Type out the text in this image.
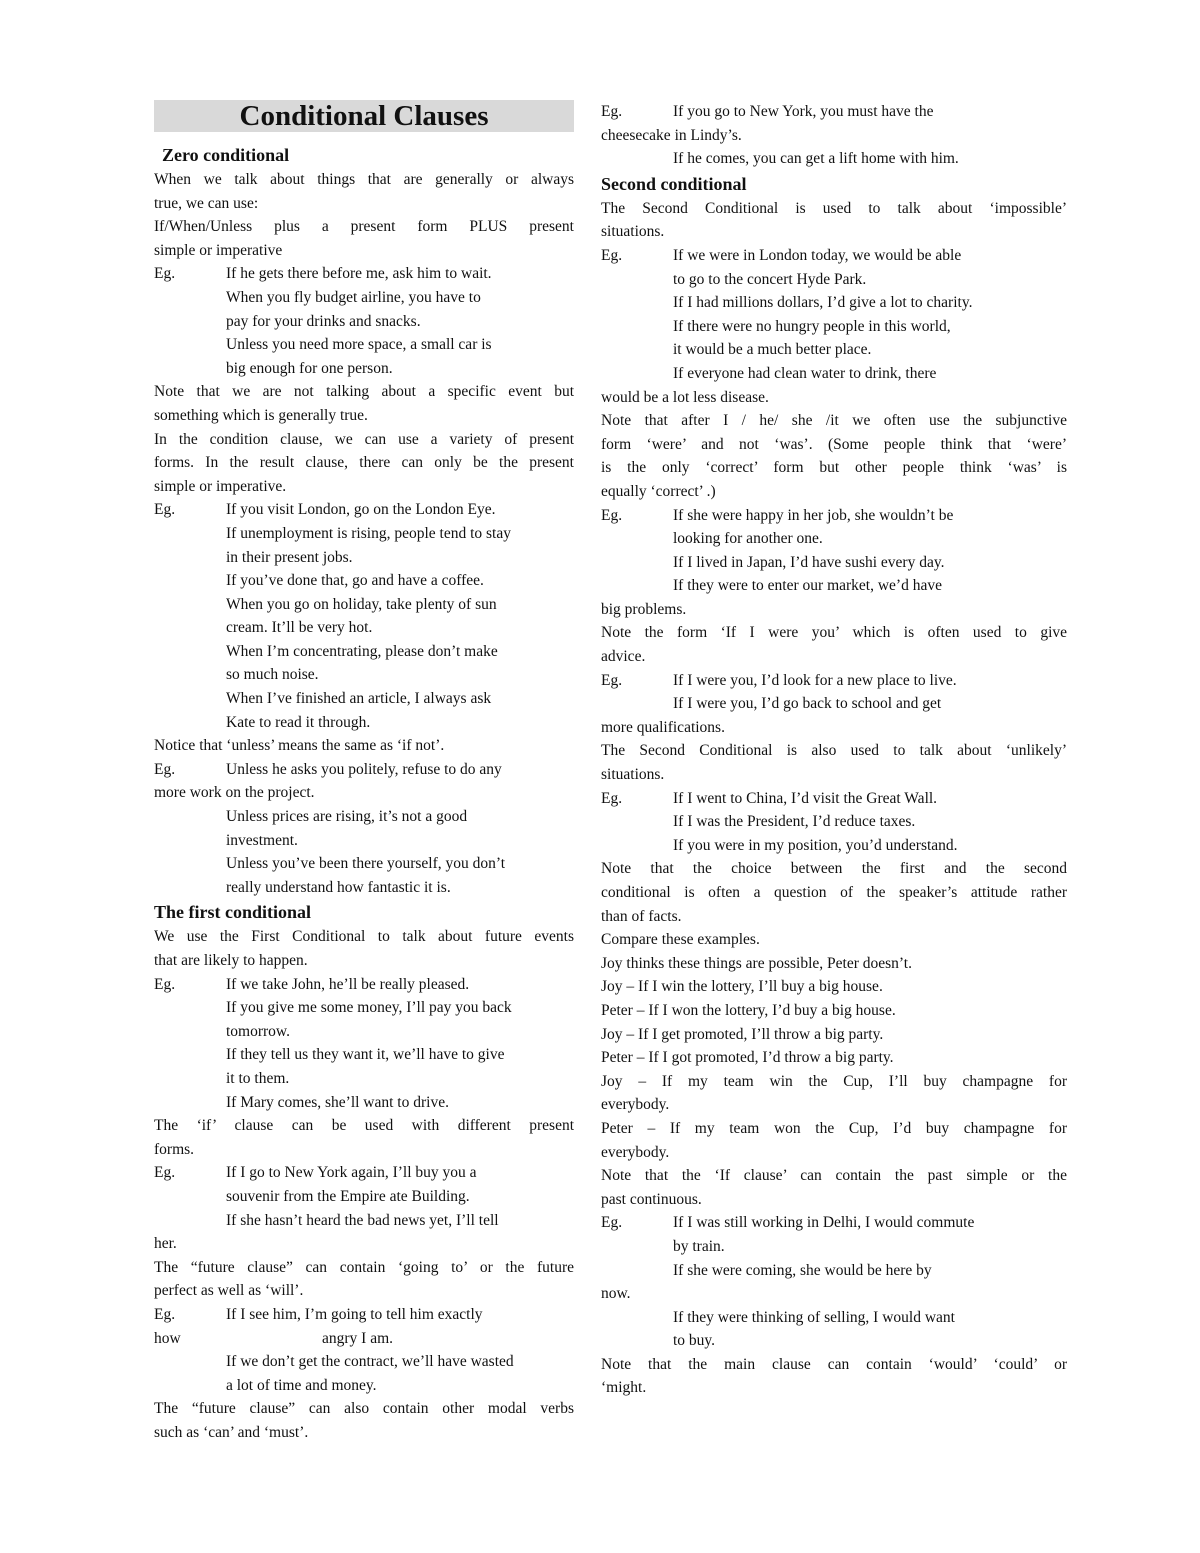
Conditional Clauses
Zero conditional
When we talk about things that are generally or always
true, we can use:
If/When/Unless plus a present form PLUS present
simple or imperative
Eg.	If he gets there before me, ask him to wait.
When you fly budget airline, you have to
pay for your drinks and snacks.
Unless you need more space, a small car is
big enough for one person.
Note that we are not talking about a specific event but
something which is generally true.
In the condition clause, we can use a variety of present
forms. In the result clause, there can only be the present
simple or imperative.
Eg.	If you visit London, go on the London Eye.
If unemployment is rising, people tend to stay
in their present jobs.
If you’ve done that, go and have a coffee.
When you go on holiday, take plenty of sun
cream. It’ll be very hot.
When I’m concentrating, please don’t make
so much noise.
When I’ve finished an article, I always ask
Kate to read it through.
Notice that ‘unless’ means the same as ‘if not’.
Eg.	Unless he asks you politely, refuse to do any
more work on the project.
Unless prices are rising, it’s not a good
investment.
Unless you’ve been there yourself, you don’t
really understand how fantastic it is.
The first conditional
We use the First Conditional to talk about future events
that are likely to happen.
Eg.	If we take John, he’ll be really pleased.
If you give me some money, I’ll pay you back
tomorrow.
If they tell us they want it, we’ll have to give
it to them.
If Mary comes, she’ll want to drive.
The ‘if’ clause can be used with different present
forms.
Eg.	If I go to New York again, I’ll buy you a
souvenir from the Empire ate Building.
If she hasn’t heard the bad news yet, I’ll tell
her.
The “future clause” can contain ‘going to’ or the future
perfect as well as ‘will’.
Eg.	If I see him, I’m going to tell him exactly
how	angry I am.
If we don’t get the contract, we’ll have wasted
a lot of time and money.
The “future clause” can also contain other modal verbs
such as ‘can’ and ‘must’.
Eg.	If you go to New York, you must have the
cheesecake in Lindy’s.
If he comes, you can get a lift home with him.
Second conditional
The Second Conditional is used to talk about ‘impossible’
situations.
Eg.	If we were in London today, we would be able
to go to the concert Hyde Park.
If I had millions dollars, I’d give a lot to charity.
If there were no hungry people in this world,
it would be a much better place.
If everyone had clean water to drink, there
would be a lot less disease.
Note that after I / he/ she /it we often use the subjunctive
form ‘were’ and not ‘was’. (Some people think that ‘were’
is the only ‘correct’ form but other people think ‘was’ is
equally ‘correct’ .)
Eg.	If she were happy in her job, she wouldn’t be
looking for another one.
If I lived in Japan, I’d have sushi every day.
If they were to enter our market, we’d have
big problems.
Note the form ‘If I were you’ which is often used to give
advice.
Eg.	If I were you, I’d look for a new place to live.
If I were you, I’d go back to school and get
more qualifications.
The Second Conditional is also used to talk about ‘unlikely’
situations.
Eg.	If I went to China, I’d visit the Great Wall.
If I was the President, I’d reduce taxes.
If you were in my position, you’d understand.
Note that the choice between the first and the second
conditional is often a question of the speaker’s attitude rather
than of facts.
Compare these examples.
Joy thinks these things are possible, Peter doesn’t.
Joy – If I win the lottery, I’ll buy a big house.
Peter – If I won the lottery, I’d buy a big house.
Joy – If I get promoted, I’ll throw a big party.
Peter – If I got promoted, I’d throw a big party.
Joy – If my team win the Cup, I’ll buy champagne for
everybody.
Peter – If my team won the Cup, I’d buy champagne for
everybody.
Note that the ‘If clause’ can contain the past simple or the
past continuous.
Eg.	If I was still working in Delhi, I would commute
by train.
If she were coming, she would be here by
now.
If they were thinking of selling, I would want
to buy.
Note that the main clause can contain ‘would’ ‘could’ or
‘might.
